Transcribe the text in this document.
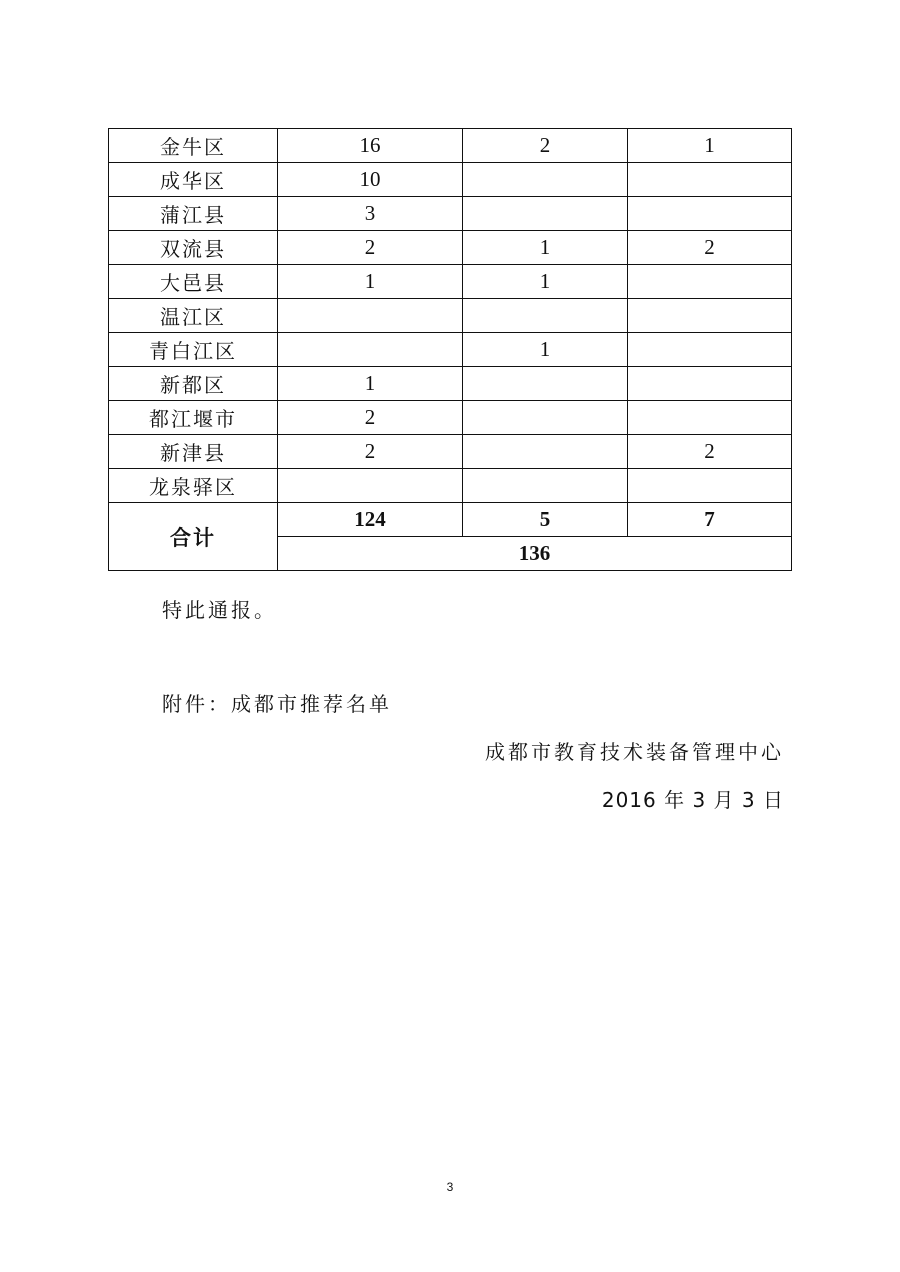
金牛区	16	2	1
成华区	10		
蒲江县	3		
双流县	2	1	2
大邑县	1	1	
温江区			
青白江区		1	
新都区	1		
都江堰市	2		
新津县	2		2
龙泉驿区			
合计	124	5	7
	136		
特此通报。
附件：成都市推荐名单
成都市教育技术装备管理中心
2016 年 3 月 3 日
3
